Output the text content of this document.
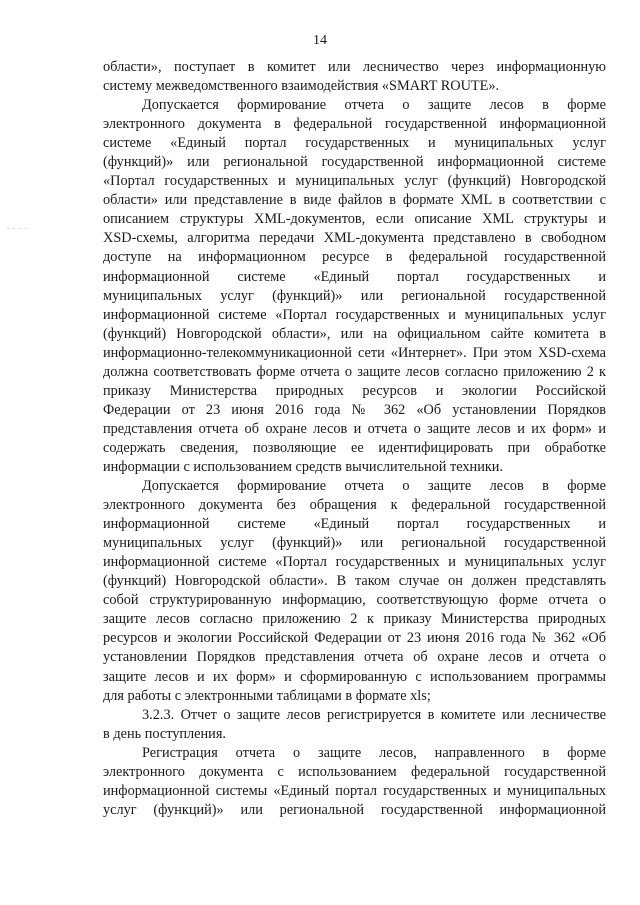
14
. . . .

области», поступает в комитет или лесничество через информационную
систему межведомственного взаимодействия «SMART ROUTE».

Допускается формирование отчета о защите лесов в форме
электронного документа в федеральной государственной информационной
системе «Единый портал государственных и муниципальных услуг
(функций)» или региональной государственной информационной системе
«Портал государственных и муниципальных услуг (функций) Новгородской
области» или представление в виде файлов в формате XML в соответствии с
описанием структуры XML-документов, если описание XML структуры и
XSD-схемы, алгоритма передачи XML-документа представлено в свободном
доступе на информационном ресурсе в федеральной государственной
информационной системе «Единый портал государственных и
муниципальных услуг (функций)» или региональной государственной
информационной системе «Портал государственных и муниципальных услуг
(функций) Новгородской области», или на официальном сайте комитета в
информационно-телекоммуникационной сети «Интернет». При этом XSD-схема
должна соответствовать форме отчета о защите лесов согласно приложению 2 к
приказу Министерства природных ресурсов и экологии Российской
Федерации от 23 июня 2016 года № 362 «Об установлении Порядков
представления отчета об охране лесов и отчета о защите лесов и их форм» и
содержать сведения, позволяющие ее идентифицировать при обработке
информации с использованием средств вычислительной техники.

Допускается формирование отчета о защите лесов в форме
электронного документа без обращения к федеральной государственной
информационной системе «Единый портал государственных и
муниципальных услуг (функций)» или региональной государственной
информационной системе «Портал государственных и муниципальных услуг
(функций) Новгородской области». В таком случае он должен представлять
собой структурированную информацию, соответствующую форме отчета о
защите лесов согласно приложению 2 к приказу Министерства природных
ресурсов и экологии Российской Федерации от 23 июня 2016 года № 362 «Об
установлении Порядков представления отчета об охране лесов и отчета о
защите лесов и их форм» и сформированную с использованием программы
для работы с электронными таблицами в формате xls;

3.2.3. Отчет о защите лесов регистрируется в комитете или лесничестве
в день поступления.

Регистрация отчета о защите лесов, направленного в форме
электронного документа с использованием федеральной государственной
информационной системы «Единый портал государственных и муниципальных
услуг (функций)» или региональной государственной информационной
